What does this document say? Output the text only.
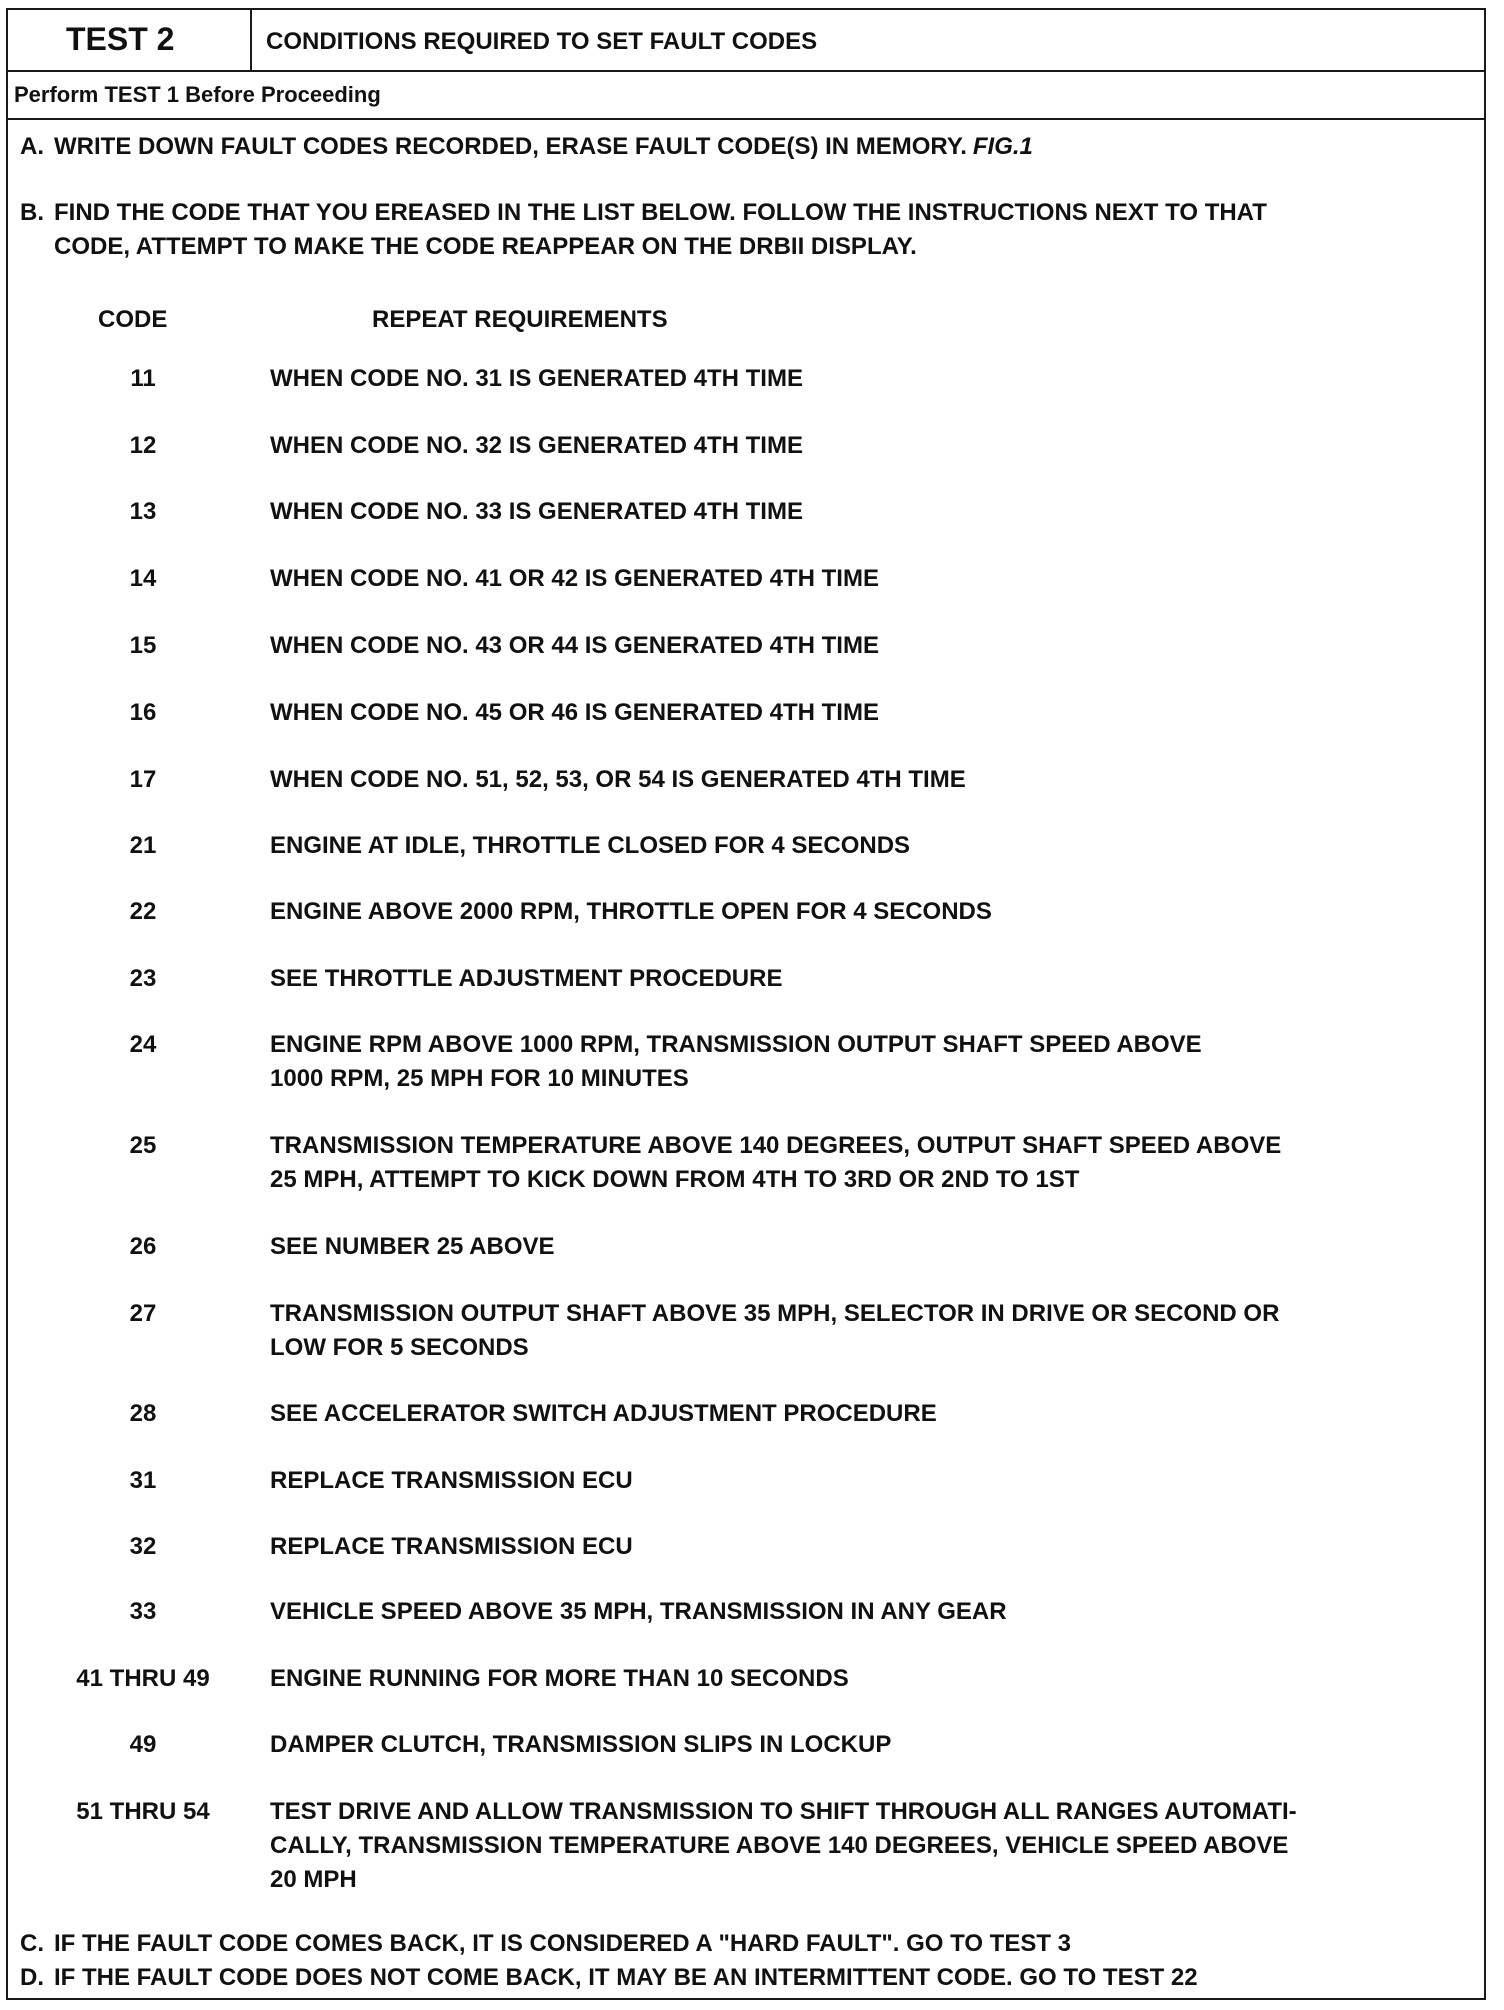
TEST 2	CONDITIONS REQUIRED TO SET FAULT CODES
Perform TEST 1 Before Proceeding
A. WRITE DOWN FAULT CODES RECORDED, ERASE FAULT CODE(S) IN MEMORY. FIG.1
B. FIND THE CODE THAT YOU EREASED IN THE LIST BELOW. FOLLOW THE INSTRUCTIONS NEXT TO THAT
CODE, ATTEMPT TO MAKE THE CODE REAPPEAR ON THE DRBII DISPLAY.
CODE	REPEAT REQUIREMENTS
11	WHEN CODE NO. 31 IS GENERATED 4TH TIME
12	WHEN CODE NO. 32 IS GENERATED 4TH TIME
13	WHEN CODE NO. 33 IS GENERATED 4TH TIME
14	WHEN CODE NO. 41 OR 42 IS GENERATED 4TH TIME
15	WHEN CODE NO. 43 OR 44 IS GENERATED 4TH TIME
16	WHEN CODE NO. 45 OR 46 IS GENERATED 4TH TIME
17	WHEN CODE NO. 51, 52, 53, OR 54 IS GENERATED 4TH TIME
21	ENGINE AT IDLE, THROTTLE CLOSED FOR 4 SECONDS
22	ENGINE ABOVE 2000 RPM, THROTTLE OPEN FOR 4 SECONDS
23	SEE THROTTLE ADJUSTMENT PROCEDURE
24	ENGINE RPM ABOVE 1000 RPM, TRANSMISSION OUTPUT SHAFT SPEED ABOVE
1000 RPM, 25 MPH FOR 10 MINUTES
25	TRANSMISSION TEMPERATURE ABOVE 140 DEGREES, OUTPUT SHAFT SPEED ABOVE
25 MPH, ATTEMPT TO KICK DOWN FROM 4TH TO 3RD OR 2ND TO 1ST
26	SEE NUMBER 25 ABOVE
27	TRANSMISSION OUTPUT SHAFT ABOVE 35 MPH, SELECTOR IN DRIVE OR SECOND OR
LOW FOR 5 SECONDS
28	SEE ACCELERATOR SWITCH ADJUSTMENT PROCEDURE
31	REPLACE TRANSMISSION ECU
32	REPLACE TRANSMISSION ECU
33	VEHICLE SPEED ABOVE 35 MPH, TRANSMISSION IN ANY GEAR
41 THRU 49	ENGINE RUNNING FOR MORE THAN 10 SECONDS
49	DAMPER CLUTCH, TRANSMISSION SLIPS IN LOCKUP
51 THRU 54	TEST DRIVE AND ALLOW TRANSMISSION TO SHIFT THROUGH ALL RANGES AUTOMATI-
CALLY, TRANSMISSION TEMPERATURE ABOVE 140 DEGREES, VEHICLE SPEED ABOVE
20 MPH
C. IF THE FAULT CODE COMES BACK, IT IS CONSIDERED A "HARD FAULT". GO TO TEST 3
D. IF THE FAULT CODE DOES NOT COME BACK, IT MAY BE AN INTERMITTENT CODE. GO TO TEST 22
